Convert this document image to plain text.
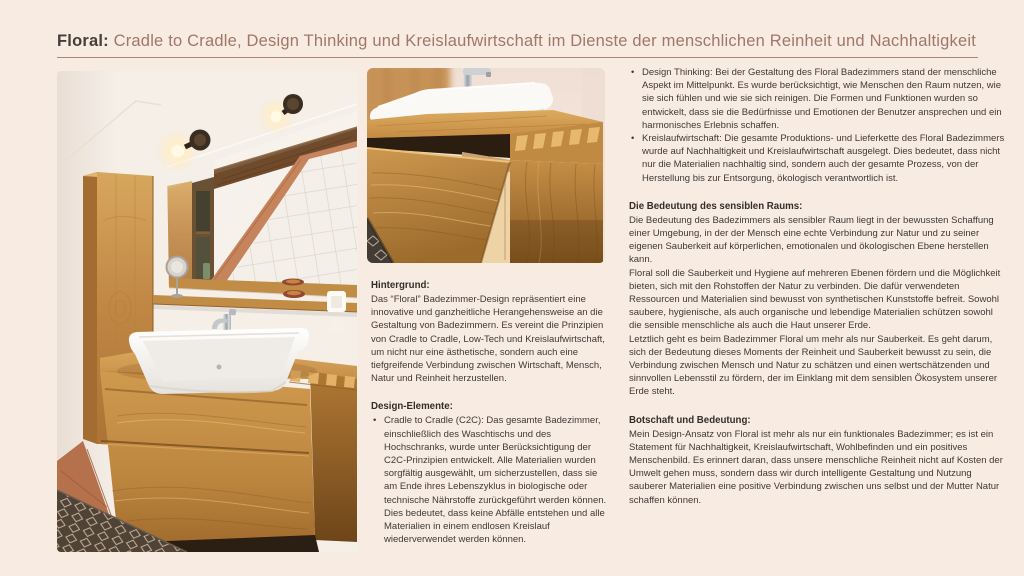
Floral: Cradle to Cradle, Design Thinking und Kreislaufwirtschaft im Dienste der menschlichen Reinheit und Nachhaltigkeit
Hintergrund:

Das “Floral” Badezimmer-Design repräsentiert eine innovative und ganzheitliche Herangehensweise an die Gestaltung von Badezimmern. Es vereint die Prinzipien von Cradle to Cradle, Low-Tech und Kreislaufwirtschaft, um nicht nur eine ästhetische, sondern auch eine tiefgreifende Verbindung zwischen Wirtschaft, Mensch, Natur und Reinheit herzustellen.

Design-Elemente:

• Cradle to Cradle (C2C): Das gesamte Badezimmer, einschließlich des Waschtischs und des Hochschranks, wurde unter Berücksichtigung der C2C-Prinzipien entwickelt. Alle Materialien wurden sorgfältig ausgewählt, um sicherzustellen, dass sie am Ende ihres Lebenszyklus in biologische oder technische Nährstoffe zurückgeführt werden können. Dies bedeutet, dass keine Abfälle entstehen und alle Materialien in einem endlosen Kreislauf wiederverwendet werden können.

• Design Thinking: Bei der Gestaltung des Floral Badezimmers stand der menschliche Aspekt im Mittelpunkt. Es wurde berücksichtigt, wie Menschen den Raum nutzen, wie sie sich fühlen und wie sie sich reinigen. Die Formen und Funktionen wurden so entwickelt, dass sie die Bedürfnisse und Emotionen der Benutzer ansprechen und ein harmonisches Erlebnis schaffen.

• Kreislaufwirtschaft: Die gesamte Produktions- und Lieferkette des Floral Badezimmers wurde auf Nachhaltigkeit und Kreislaufwirtschaft ausgelegt. Dies bedeutet, dass nicht nur die Materialien nachhaltig sind, sondern auch der gesamte Prozess, von der Herstellung bis zur Entsorgung, ökologisch verantwortlich ist.

Die Bedeutung des sensiblen Raums:

Die Bedeutung des Badezimmers als sensibler Raum liegt in der bewussten Schaffung einer Umgebung, in der der Mensch eine echte Verbindung zur Natur und zu seiner eigenen Sauberkeit auf körperlichen, emotionalen und ökologischen Ebene herstellen kann.

Floral soll die Sauberkeit und Hygiene auf mehreren Ebenen fördern und die Möglichkeit bieten, sich mit den Rohstoffen der Natur zu verbinden. Die dafür verwendeten Ressourcen und Materialien sind bewusst von synthetischen Kunststoffe befreit. Sowohl saubere, hygienische, als auch organische und lebendige Materialien schützen sowohl die sensible menschliche als auch die Haut unserer Erde.

Letztlich geht es beim Badezimmer Floral um mehr als nur Sauberkeit. Es geht darum, sich der Bedeutung dieses Moments der Reinheit und Sauberkeit bewusst zu sein, die Verbindung zwischen Mensch und Natur zu schätzen und einen wertschätzenden und sinnvollen Lebensstil zu fördern, der im Einklang mit dem sensiblen Ökosystem unserer Erde steht.

Botschaft und Bedeutung:

Mein Design-Ansatz von Floral ist mehr als nur ein funktionales Badezimmer; es ist ein Statement für Nachhaltigkeit, Kreislaufwirtschaft, Wohlbefinden und ein positives Menschenbild. Es erinnert daran, dass unsere menschliche Reinheit nicht auf Kosten der Umwelt gehen muss, sondern dass wir durch intelligente Gestaltung und Nutzung sauberer Materialien eine positive Verbindung zwischen uns selbst und der Mutter Natur schaffen können.
